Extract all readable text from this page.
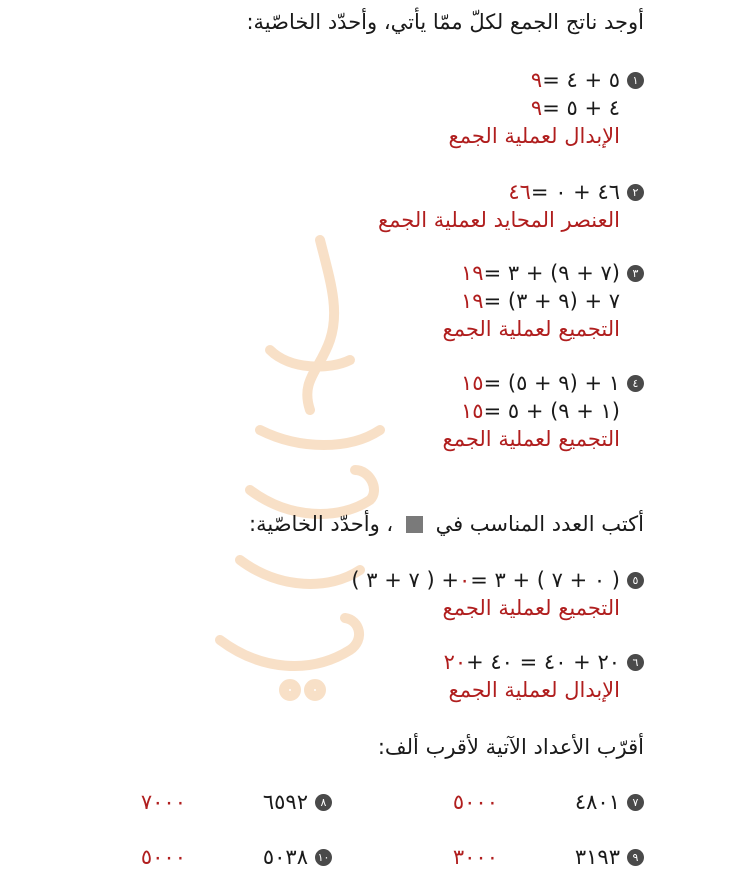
أوجد ناتج الجمع لكلّ ممّا يأتي، وأحدّد الخاصّية:
١
٥ + ٤ =
٩
٤ + ٥ =
٩
الإبدال لعملية الجمع
٢
٤٦ + ٠ =
٤٦
العنصر المحايد لعملية الجمع
٣
(٧ + ٩) + ٣ =
١٩
٧ + (٩ + ٣) =
١٩
التجميع لعملية الجمع
٤
١ + (٩ + ٥) =
١٥
(١ + ٩) + ٥ =
١٥
التجميع لعملية الجمع
أكتب العدد المناسب في  ، وأحدّد الخاصّية:
٥
( ٠ + ٧ ) + ٣ =
٠
+ ( ٧ + ٣ )
التجميع لعملية الجمع
٦
٢٠ + ٤٠ = ٤٠ +
٢٠
الإبدال لعملية الجمع
أقرّب الأعداد الآتية لأقرب ألف:
٧
٤٨٠١
٥٠٠٠
٨
٦٥٩٢
٧٠٠٠
٩
٣١٩٣
٣٠٠٠
١٠
٥٠٣٨
٥٠٠٠
